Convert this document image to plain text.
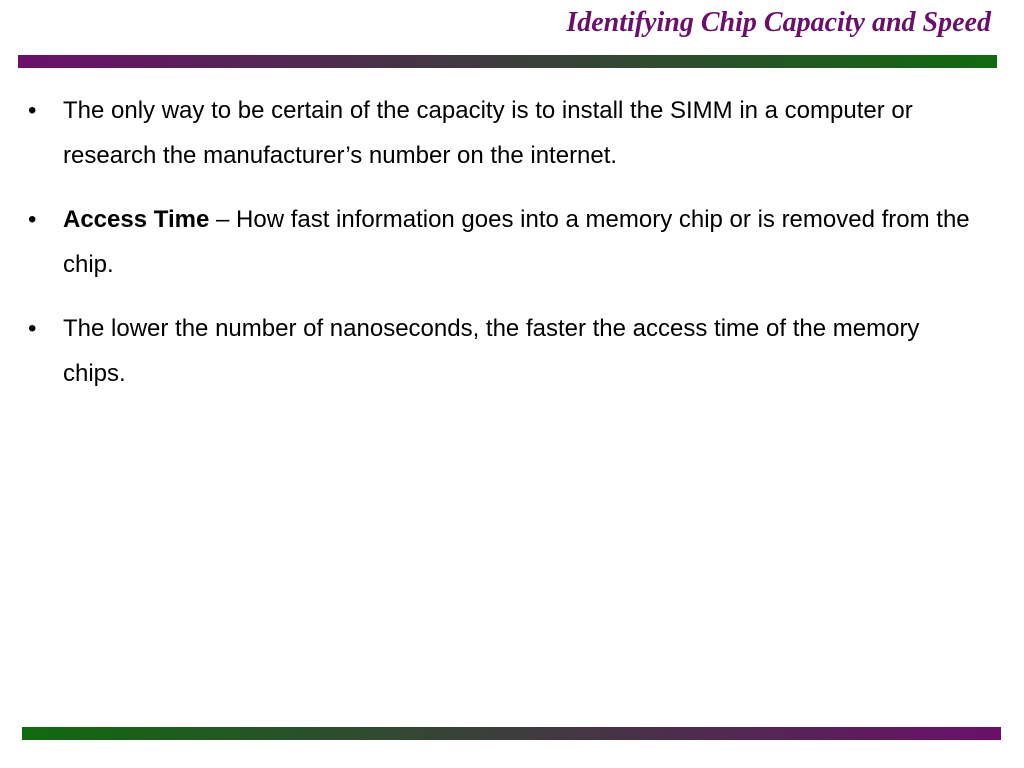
Identifying Chip Capacity and Speed
• The only way to be certain of the capacity is to install the SIMM in a computer or research the manufacturer’s number on the internet.
• Access Time – How fast information goes into a memory chip or is removed from the chip.
• The lower the number of nanoseconds, the faster the access time of the memory chips.
